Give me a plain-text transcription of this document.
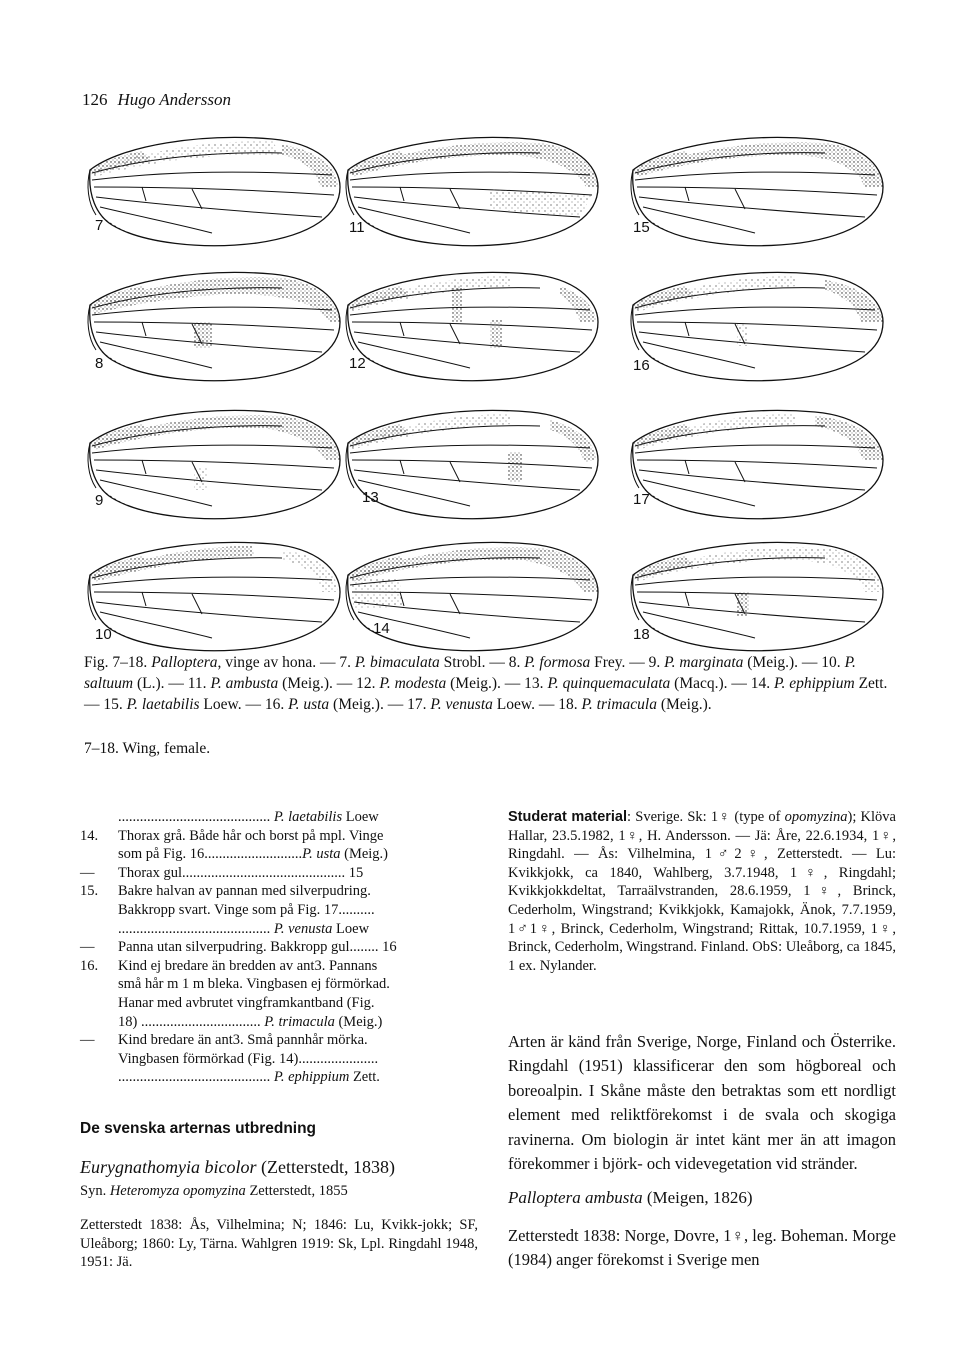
126 Hugo Andersson
7
8
9
10
11
12
13
14
15
16
17
18
Fig. 7–18. Palloptera, vinge av hona. — 7. P. bimaculata Strobl. — 8. P. formosa Frey. — 9. P. marginata (Meig.). — 10. P. saltuum (L.). — 11. P. ambusta (Meig.). — 12. P. modesta (Meig.). — 13. P. quinquemaculata (Macq.). — 14. P. ephippium Zett. — 15. P. laetabilis Loew. — 16. P. usta (Meig.). — 17. P. venusta Loew. — 18. P. trimacula (Meig.).
7–18. Wing, female.
.......................................... P. laetabilis Loew
14.	Thorax grå. Både hår och borst på mpl. Vinge
som på Fig. 16...........................P. usta (Meig.)
—	Thorax gul............................................. 15
15.	Bakre halvan av pannan med silverpudring.
Bakkropp svart. Vinge som på Fig. 17..........
.......................................... P. venusta Loew
—	Panna utan silverpudring. Bakkropp gul........ 16
16.	Kind ej bredare än bredden av ant3. Pannans
små hår m 1 m bleka. Vingbasen ej förmörkad.
Hanar med avbrutet vingframkantband (Fig.
18) ................................. P. trimacula (Meig.)
—	Kind bredare än ant3. Små pannhår mörka.
Vingbasen förmörkad (Fig. 14)......................
.......................................... P. ephippium Zett.
De svenska arternas utbredning
Eurygnathomyia bicolor (Zetterstedt, 1838)
Syn. Heteromyza opomyzina Zetterstedt, 1855
Zetterstedt 1838: Ås, Vilhelmina; N; 1846: Lu, Kvikk-jokk; SF, Uleåborg; 1860: Ly, Tärna. Wahlgren 1919: Sk, Lpl. Ringdahl 1948, 1951: Jä.
Studerat material: Sverige. Sk: 1♀ (type of opomyzina); Klöva Hallar, 23.5.1982, 1♀, H. Andersson. — Jä: Åre, 22.6.1934, 1♀, Ringdahl. — Ås: Vilhelmina, 1♂2♀, Zetterstedt. — Lu: Kvikkjokk, ca 1840, Wahlberg, 3.7.1948, 1♀, Ringdahl; Kvikkjokkdeltat, Tarraälvstranden, 28.6.1959, 1♀, Brinck, Cederholm, Wingstrand; Kvikkjokk, Kamajokk, Änok, 7.7.1959, 1♂1♀, Brinck, Cederholm, Wingstrand; Rittak, 10.7.1959, 1♀, Brinck, Cederholm, Wingstrand. Finland. ObS: Uleåborg, ca 1845, 1 ex. Nylander.
Arten är känd från Sverige, Norge, Finland och Österrike. Ringdahl (1951) klassificerar den som högboreal och boreoalpin. I Skåne måste den betraktas som ett nordligt element med reliktförekomst i de svala och skogiga ravinerna. Om biologin är intet känt mer än att imagon förekommer i björk- och videvegetation vid stränder.
Palloptera ambusta (Meigen, 1826)
Zetterstedt 1838: Norge, Dovre, 1♀, leg. Boheman. Morge (1984) anger förekomst i Sverige men
